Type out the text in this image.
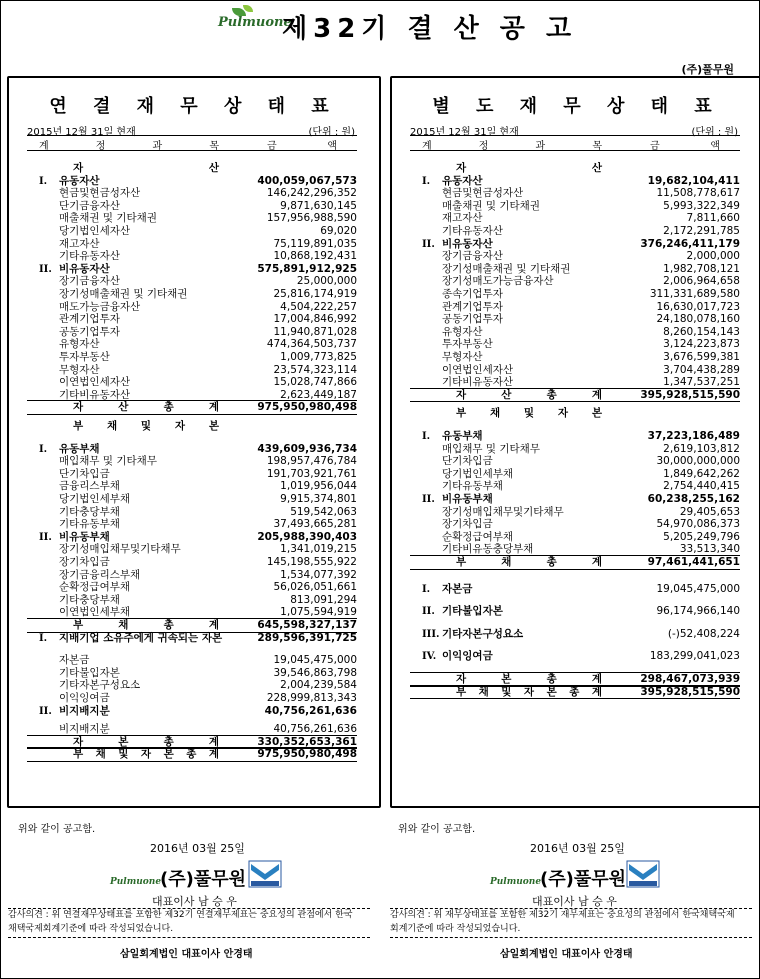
Pulmuone
제32기 결 산 공 고
(주)풀무원
연 결 재 무 상 태 표
2015년 12월 31일 현재	(단위 : 원)
계 정 과 목	금 액
자 산
I. 유동자산	400,059,067,573
현금및현금성자산	146,242,296,352
단기금융자산	9,871,630,145
매출채권 및 기타채권	157,956,988,590
당기법인세자산	69,020
재고자산	75,119,891,035
기타유동자산	10,868,192,431
II. 비유동자산	575,891,912,925
장기금융자산	25,000,000
장기성매출채권 및 기타채권	25,816,174,919
매도가능금융자산	4,504,222,257
관계기업투자	17,004,846,992
공동기업투자	11,940,871,028
유형자산	474,364,503,737
투자부동산	1,009,773,825
무형자산	23,574,323,114
이연법인세자산	15,028,747,866
기타비유동자산	2,623,449,187
자 산 총 계	975,950,980,498
부 채 및 자 본
I. 유동부채	439,609,936,734
매입채무 및 기타채무	198,957,476,784
단기차입금	191,703,921,761
금융리스부채	1,019,956,044
당기법인세부채	9,915,374,801
기타충당부채	519,542,063
기타유동부채	37,493,665,281
II. 비유동부채	205,988,390,403
장기성매입채무및기타채무	1,341,019,215
장기차입금	145,198,555,922
장기금융리스부채	1,534,077,392
순확정급여부채	56,026,051,661
기타충당부채	813,091,294
이연법인세부채	1,075,594,919
부 채 총 계	645,598,327,137
I. 지배기업 소유주에게 귀속되는 자본	289,596,391,725
자본금	19,045,475,000
기타불입자본	39,546,863,798
기타자본구성요소	2,004,239,584
이익잉여금	228,999,813,343
II. 비지배지분	40,756,261,636
비지배지분	40,756,261,636
자 본 총 계	330,352,653,361
부 채 및 자 본 총 계	975,950,980,498
별 도 재 무 상 태 표
2015년 12월 31일 현재	(단위 : 원)
계 정 과 목	금 액
자 산
I. 유동자산	19,682,104,411
현금및현금성자산	11,508,778,617
매출채권 및 기타채권	5,993,322,349
재고자산	7,811,660
기타유동자산	2,172,291,785
II. 비유동자산	376,246,411,179
장기금융자산	2,000,000
장기성매출채권 및 기타채권	1,982,708,121
장기성매도가능금융자산	2,006,964,658
종속기업투자	311,331,689,580
관계기업투자	16,630,017,723
공동기업투자	24,180,078,160
유형자산	8,260,154,143
투자부동산	3,124,223,873
무형자산	3,676,599,381
이연법인세자산	3,704,438,289
기타비유동자산	1,347,537,251
자 산 총 계	395,928,515,590
부 채 및 자 본
I. 유동부채	37,223,186,489
매입채무 및 기타채무	2,619,103,812
단기차입금	30,000,000,000
당기법인세부채	1,849,642,262
기타유동부채	2,754,440,415
II. 비유동부채	60,238,255,162
장기성매입채무및기타채무	29,405,653
장기차입금	54,970,086,373
순확정급여부채	5,205,249,796
기타비유동충당부채	33,513,340
부 채 총 계	97,461,441,651
I. 자본금	19,045,475,000
II. 기타불입자본	96,174,966,140
III. 기타자본구성요소	(-)52,408,224
IV. 이익잉여금	183,299,041,023
자 본 총 계	298,467,073,939
부 채 및 자 본 총 계	395,928,515,590
위와 같이 공고함.
2016년 03월 25일
Pulmuone
(주)풀무원
대표이사 남 승 우
감사의견 : 위 연결재무상태표를 포함한 제32기 연결재무제표는 중요성의 관점에서 한국채택국제회계기준에 따라 작성되었습니다.
삼일회계법인 대표이사 안경태
위와 같이 공고함.
2016년 03월 25일
Pulmuone
(주)풀무원
대표이사 남 승 우
감사의견 : 위 재무상태표를 포함한 제32기 재무제표는 중요성의 관점에서 한국채택국제회계기준에 따라 작성되었습니다.
삼일회계법인 대표이사 안경태
